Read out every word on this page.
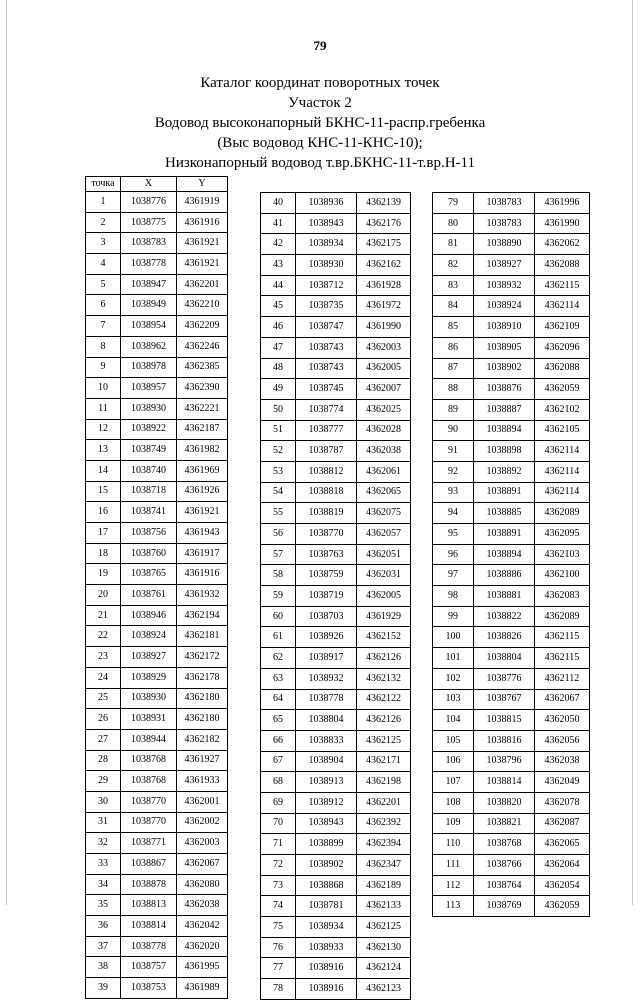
79
Каталог координат поворотных точек
Участок 2
Водовод высоконапорный БКНС-11-распр.гребенка
(Выс водовод КНС-11-КНС-10);
Низконапорный водовод т.вр.БКНС-11-т.вр.Н-11
точка	X	Y
1	1038776	4361919
2	1038775	4361916
3	1038783	4361921
4	1038778	4361921
5	1038947	4362201
6	1038949	4362210
7	1038954	4362209
8	1038962	4362246
9	1038978	4362385
10	1038957	4362390
11	1038930	4362221
12	1038922	4362187
13	1038749	4361982
14	1038740	4361969
15	1038718	4361926
16	1038741	4361921
17	1038756	4361943
18	1038760	4361917
19	1038765	4361916
20	1038761	4361932
21	1038946	4362194
22	1038924	4362181
23	1038927	4362172
24	1038929	4362178
25	1038930	4362180
26	1038931	4362180
27	1038944	4362182
28	1038768	4361927
29	1038768	4361933
30	1038770	4362001
31	1038770	4362002
32	1038771	4362003
33	1038867	4362067
34	1038878	4362080
35	1038813	4362038
36	1038814	4362042
37	1038778	4362020
38	1038757	4361995
39	1038753	4361989
40	1038936	4362139
41	1038943	4362176
42	1038934	4362175
43	1038930	4362162
44	1038712	4361928
45	1038735	4361972
46	1038747	4361990
47	1038743	4362003
48	1038743	4362005
49	1038745	4362007
50	1038774	4362025
51	1038777	4362028
52	1038787	4362038
53	1038812	4362061
54	1038818	4362065
55	1038819	4362075
56	1038770	4362057
57	1038763	4362051
58	1038759	4362031
59	1038719	4362005
60	1038703	4361929
61	1038926	4362152
62	1038917	4362126
63	1038932	4362132
64	1038778	4362122
65	1038804	4362126
66	1038833	4362125
67	1038904	4362171
68	1038913	4362198
69	1038912	4362201
70	1038943	4362392
71	1038899	4362394
72	1038902	4362347
73	1038868	4362189
74	1038781	4362133
75	1038934	4362125
76	1038933	4362130
77	1038916	4362124
78	1038916	4362123
79	1038783	4361996
80	1038783	4361990
81	1038890	4362062
82	1038927	4362088
83	1038932	4362115
84	1038924	4362114
85	1038910	4362109
86	1038905	4362096
87	1038902	4362088
88	1038876	4362059
89	1038887	4362102
90	1038894	4362105
91	1038898	4362114
92	1038892	4362114
93	1038891	4362114
94	1038885	4362089
95	1038891	4362095
96	1038894	4362103
97	1038886	4362100
98	1038881	4362083
99	1038822	4362089
100	1038826	4362115
101	1038804	4362115
102	1038776	4362112
103	1038767	4362067
104	1038815	4362050
105	1038816	4362056
106	1038796	4362038
107	1038814	4362049
108	1038820	4362078
109	1038821	4362087
110	1038768	4362065
111	1038766	4362064
112	1038764	4362054
113	1038769	4362059
